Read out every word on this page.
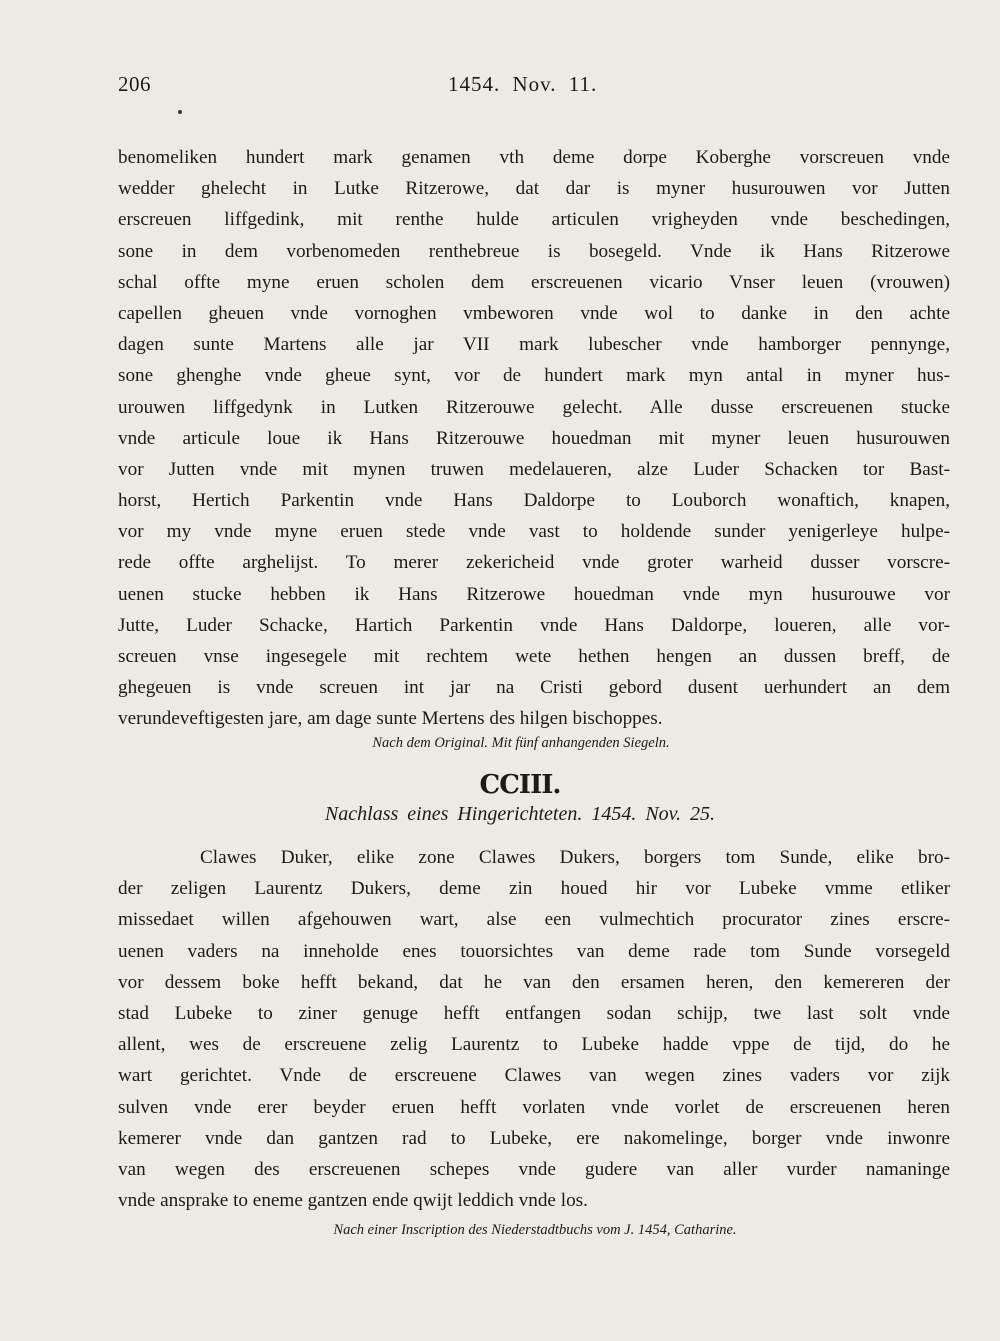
206	1454. Nov. 11.
benomeliken hundert mark genamen vth deme dorpe Koberghe vorscreuen vnde
wedder ghelecht in Lutke Ritzerowe, dat dar is myner husurouwen vor Jutten
erscreuen liffgedink, mit renthe hulde articulen vrigheyden vnde beschedingen,
sone in dem vorbenomeden renthebreue is bosegeld. Vnde ik Hans Ritzerowe
schal offte myne eruen scholen dem erscreuenen vicario Vnser leuen (vrouwen)
capellen gheuen vnde vornoghen vmbeworen vnde wol to danke in den achte
dagen sunte Martens alle jar VII mark lubescher vnde hamborger pennynge,
sone ghenghe vnde gheue synt, vor de hundert mark myn antal in myner hus-
urouwen liffgedynk in Lutken Ritzerouwe gelecht. Alle dusse erscreuenen stucke
vnde articule loue ik Hans Ritzerouwe houedman mit myner leuen husurouwen
vor Jutten vnde mit mynen truwen medelaueren, alze Luder Schacken tor Bast-
horst, Hertich Parkentin vnde Hans Daldorpe to Louborch wonaftich, knapen,
vor my vnde myne eruen stede vnde vast to holdende sunder yenigerleye hulpe-
rede offte arghelijst. To merer zekericheid vnde groter warheid dusser vorscre-
uenen stucke hebben ik Hans Ritzerowe houedman vnde myn husurouwe vor
Jutte, Luder Schacke, Hartich Parkentin vnde Hans Daldorpe, loueren, alle vor-
screuen vnse ingesegele mit rechtem wete hethen hengen an dussen breff, de
ghegeuen is vnde screuen int jar na Cristi gebord dusent uerhundert an dem
verundeveftigesten jare, am dage sunte Mertens des hilgen bischoppes.
Nach dem Original. Mit fünf anhangenden Siegeln.
CCIII.
Nachlass eines Hingerichteten. 1454. Nov. 25.
Clawes Duker, elike zone Clawes Dukers, borgers tom Sunde, elike bro-
der zeligen Laurentz Dukers, deme zin houed hir vor Lubeke vmme etliker
missedaet willen afgehouwen wart, alse een vulmechtich procurator zines erscre-
uenen vaders na inneholde enes touorsichtes van deme rade tom Sunde vorsegeld
vor dessem boke hefft bekand, dat he van den ersamen heren, den kemereren der
stad Lubeke to ziner genuge hefft entfangen sodan schijp, twe last solt vnde
allent, wes de erscreuene zelig Laurentz to Lubeke hadde vppe de tijd, do he
wart gerichtet. Vnde de erscreuene Clawes van wegen zines vaders vor zijk
sulven vnde erer beyder eruen hefft vorlaten vnde vorlet de erscreuenen heren
kemerer vnde dan gantzen rad to Lubeke, ere nakomelinge, borger vnde inwonre
van wegen des erscreuenen schepes vnde gudere van aller vurder namaninge
vnde ansprake to eneme gantzen ende qwijt leddich vnde los.
Nach einer Inscription des Niederstadtbuchs vom J. 1454, Catharine.
